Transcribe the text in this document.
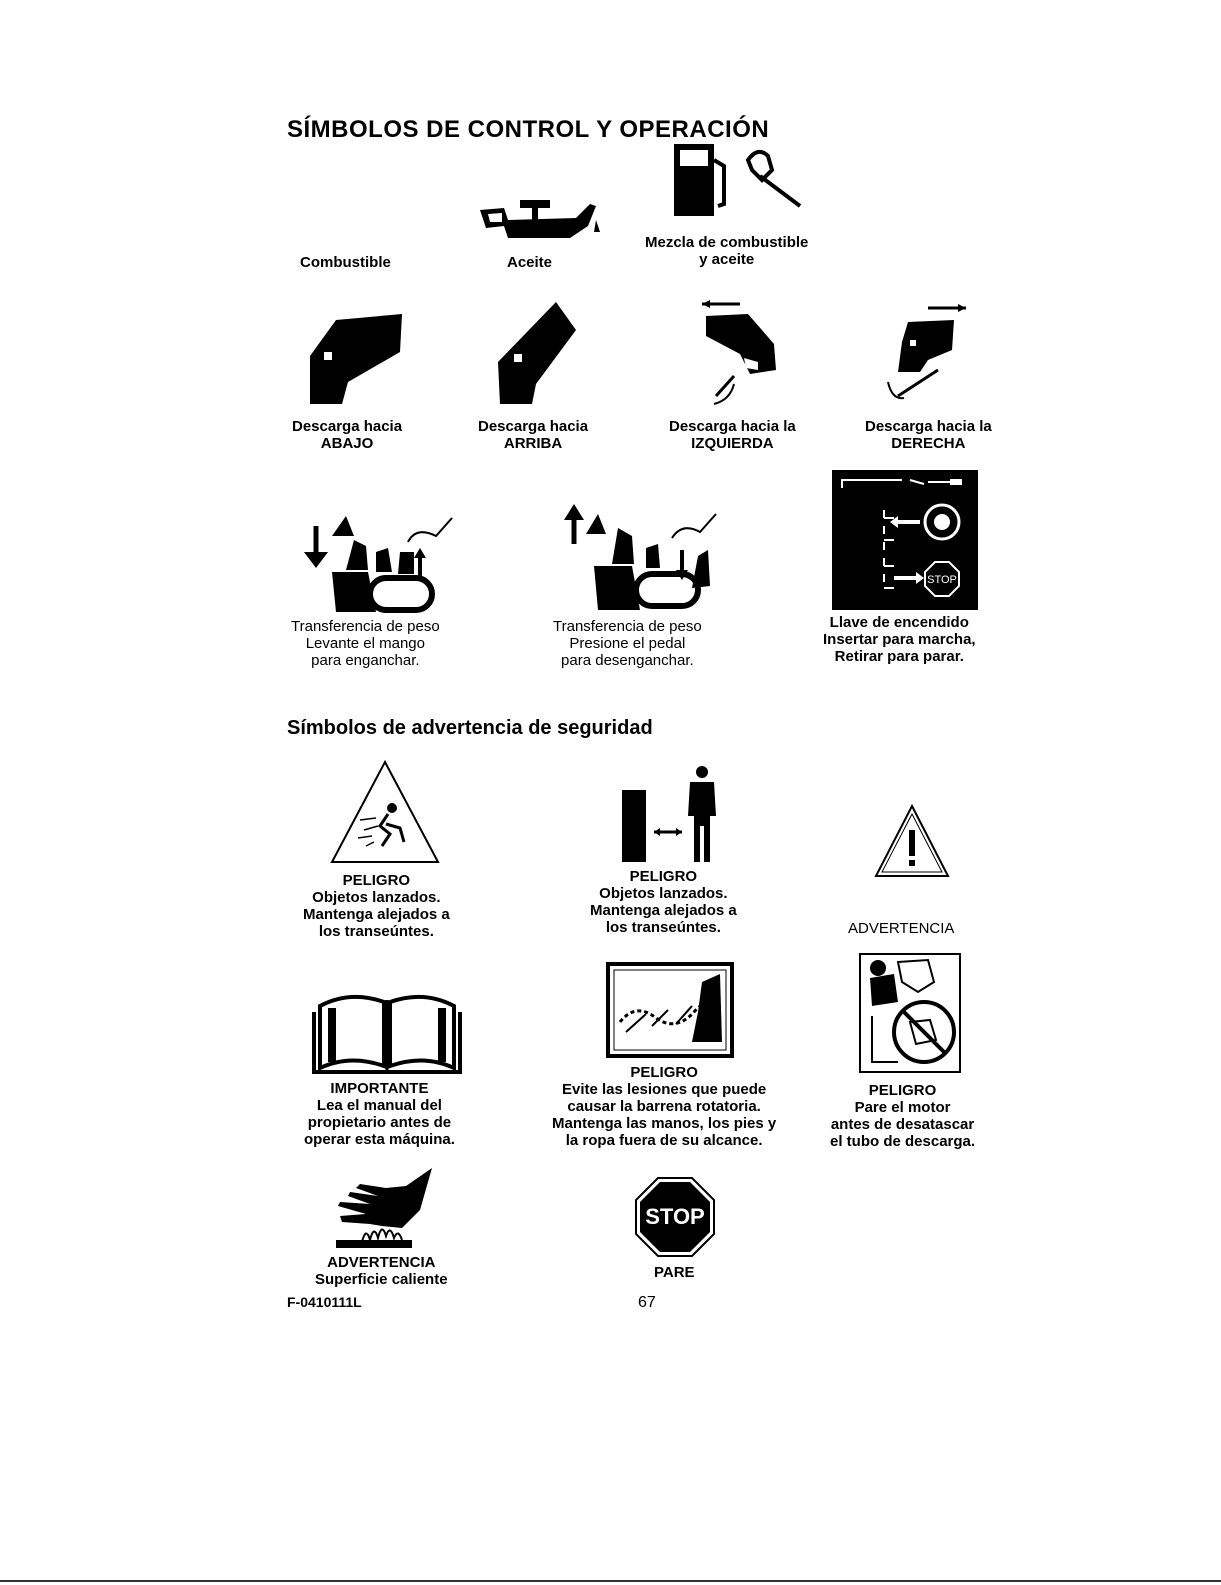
SÍMBOLOS DE CONTROL Y OPERACIÓN
Símbolos de advertencia de seguridad
Combustible	Aceite
Mezcla de combustible
y aceite
Descarga hacia
ABAJO
Descarga hacia
ARRIBA
Descarga hacia la
IZQUIERDA
Descarga hacia la
DERECHA
Transferencia de peso
Levante el mango
para enganchar.
Transferencia de peso
Presione el pedal
para desenganchar.
STOP
Llave de encendido
Insertar para marcha,
Retirar para parar.
PELIGRO
Objetos lanzados.
Mantenga alejados a
los transeúntes.
PELIGRO
Objetos lanzados.
Mantenga alejados a
los transeúntes.	ADVERTENCIA
IMPORTANTE
Lea el manual del
propietario antes de
operar esta máquina.
PELIGRO
Evite las lesiones que puede
causar la barrena rotatoria.
Mantenga las manos, los pies y
la ropa fuera de su alcance.
PELIGRO
Pare el motor
antes de desatascar
el tubo de descarga.
ADVERTENCIA
Superficie caliente
STOP
PARE
F-0410111L	67
